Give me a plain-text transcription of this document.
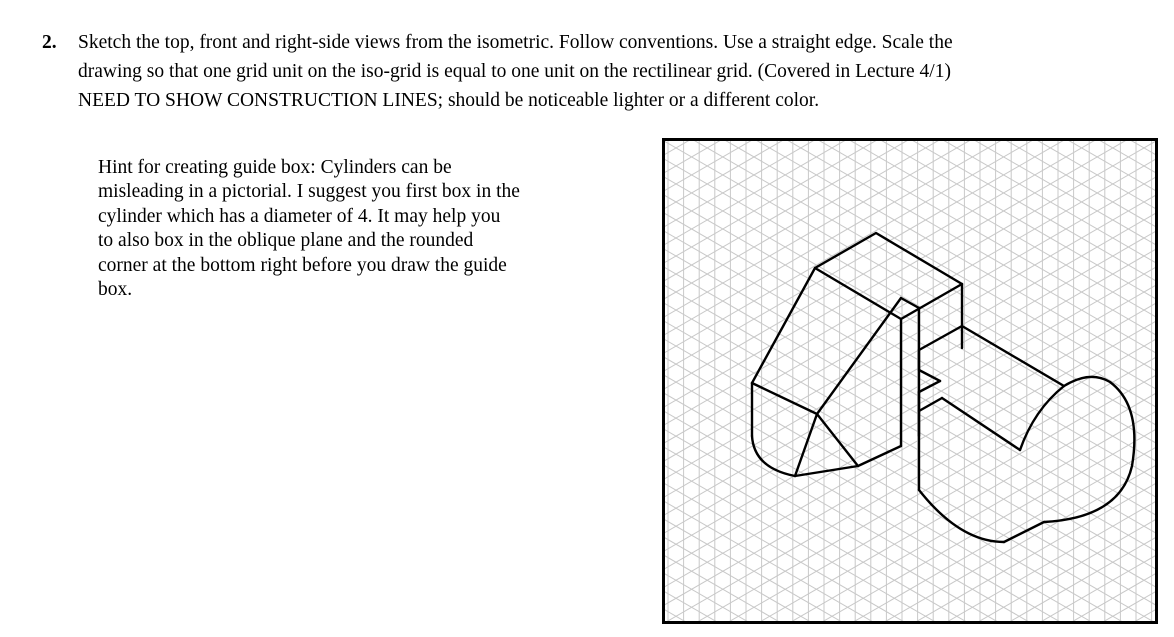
2. Sketch the top, front and right-side views from the isometric. Follow conventions. Use a straight edge. Scale the
drawing so that one grid unit on the iso-grid is equal to one unit on the rectilinear grid. (Covered in Lecture 4/1)
NEED TO SHOW CONSTRUCTION LINES; should be noticeable lighter or a different color.
Hint for creating guide box: Cylinders can be
misleading in a pictorial. I suggest you first box in the
cylinder which has a diameter of 4. It may help you
to also box in the oblique plane and the rounded
corner at the bottom right before you draw the guide
box.
